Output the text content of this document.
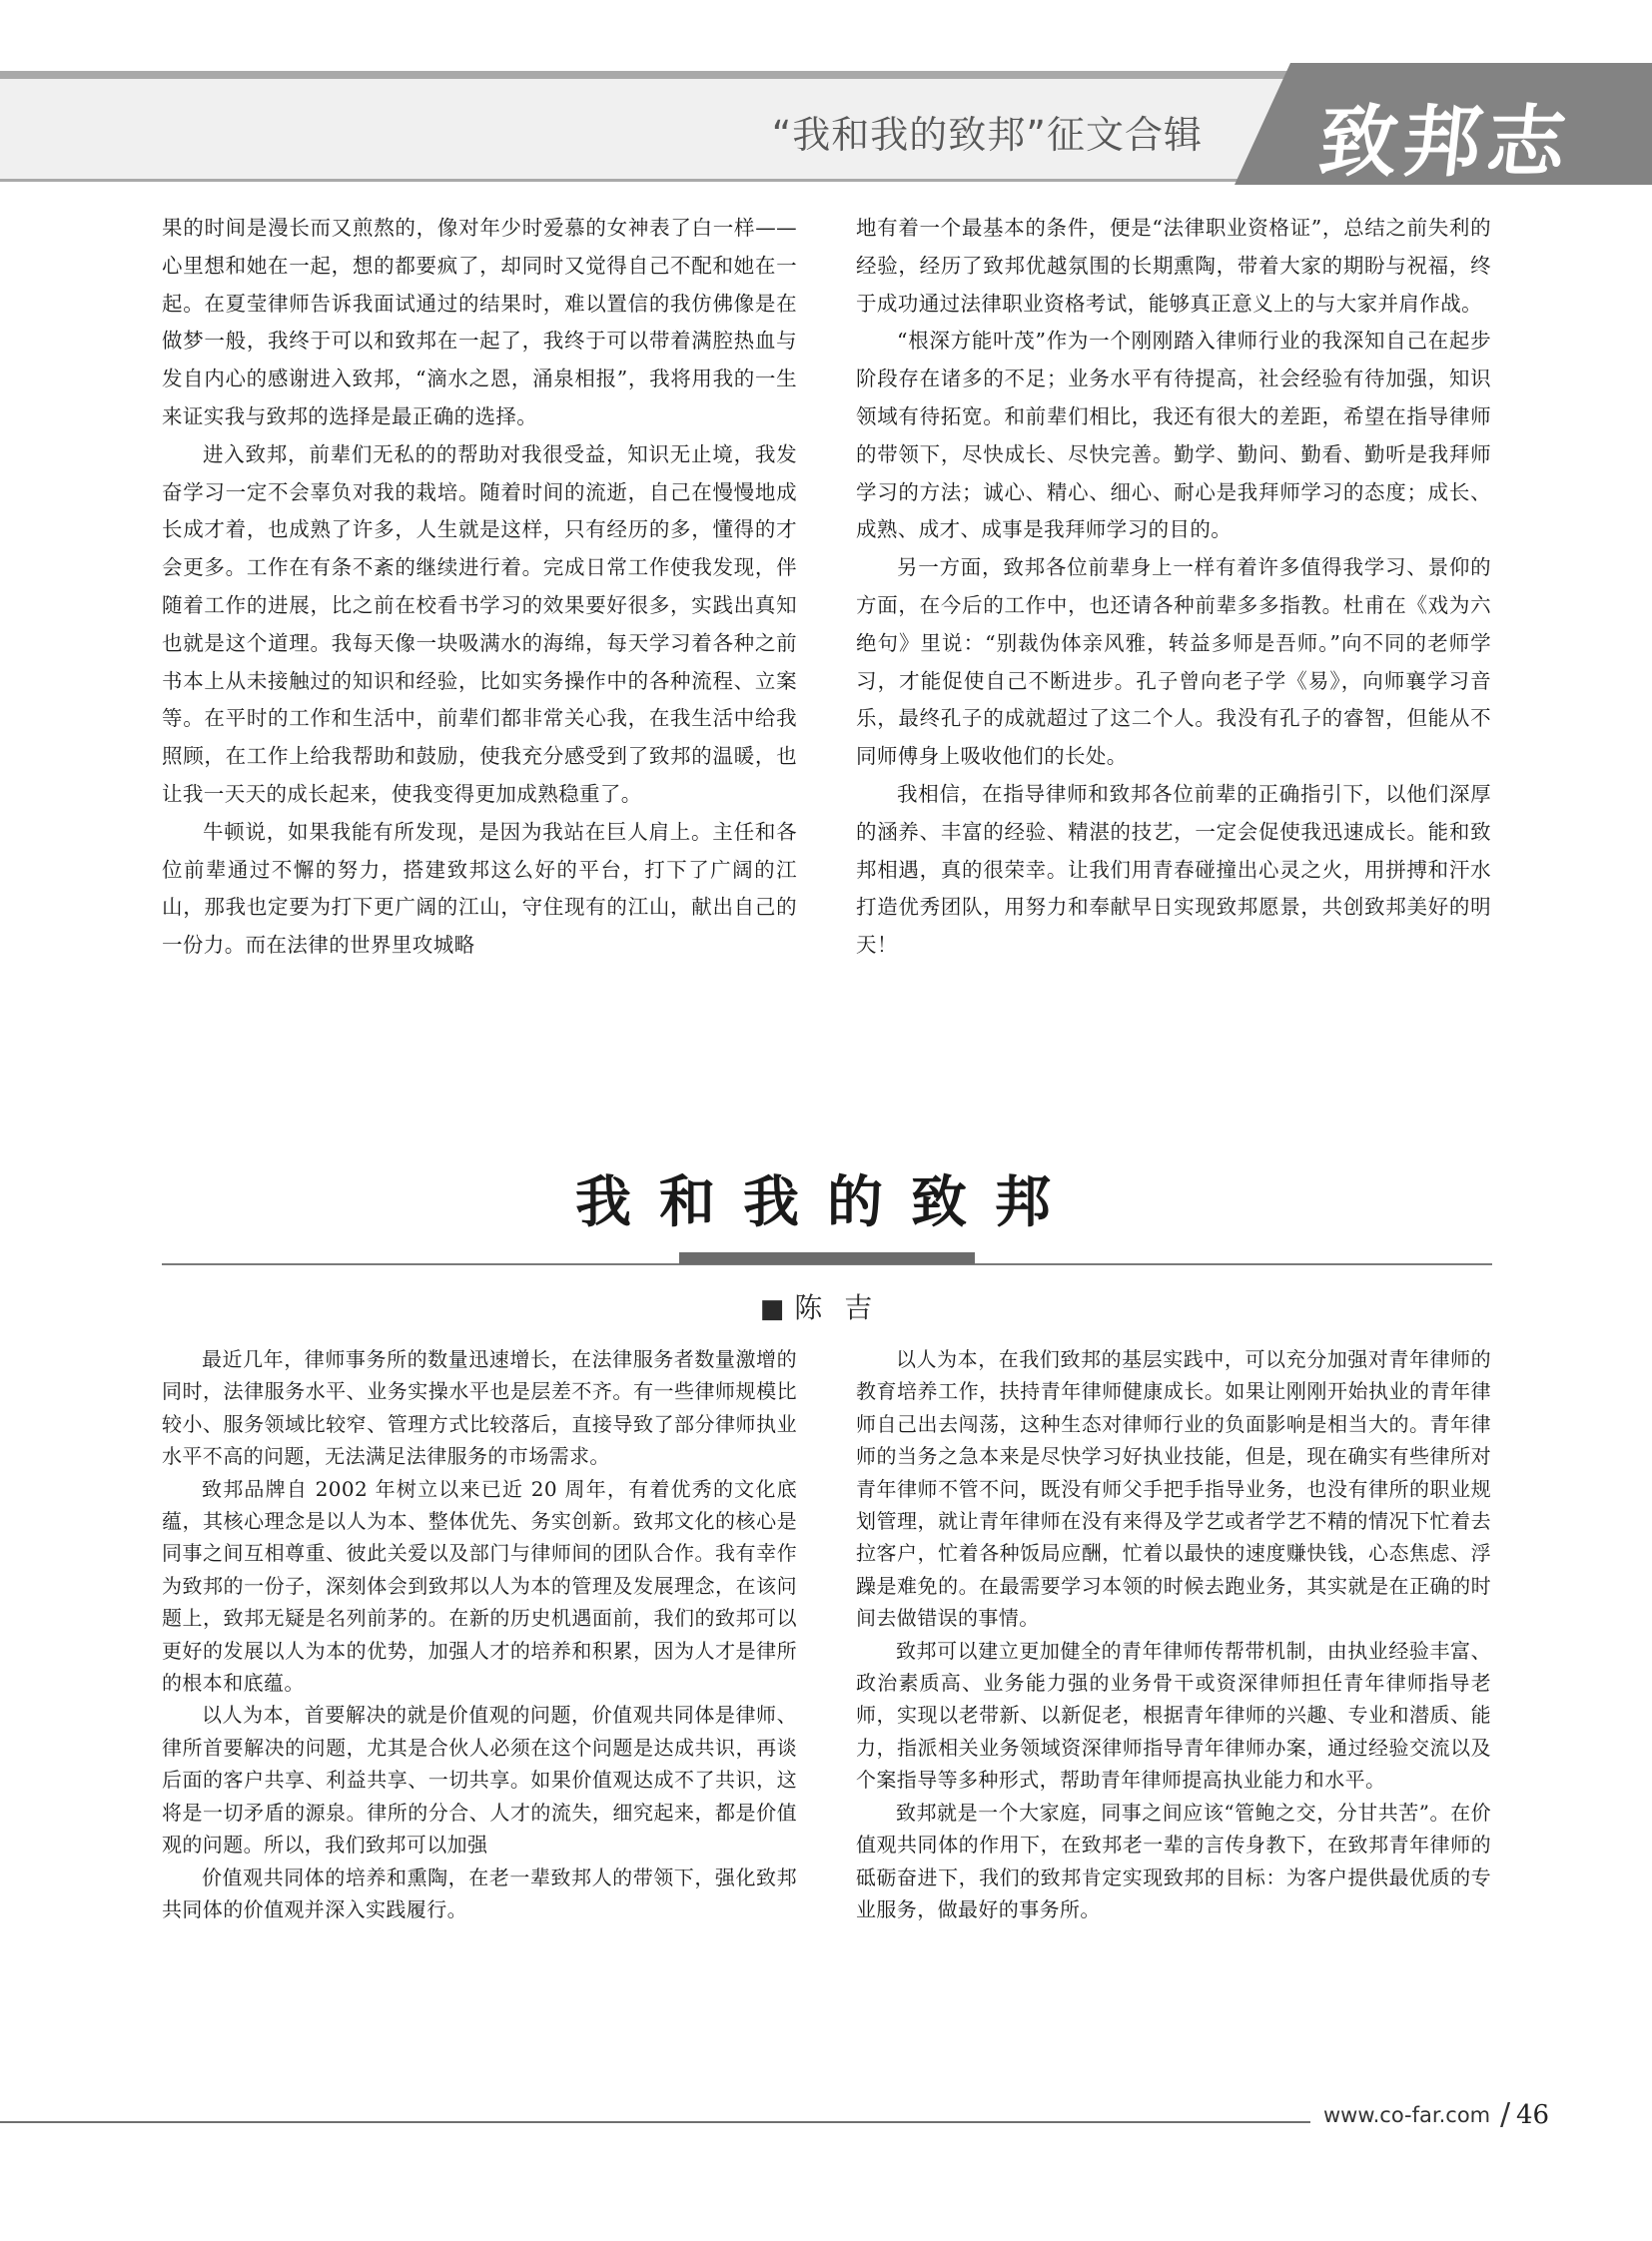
“我和我的致邦”征文合辑 致邦志

果的时间是漫长而又煎熬的，像对年少时爱慕的女神表了白一样——心里想和她在一起，想的都要疯了，却同时又觉得自己不配和她在一起。在夏莹律师告诉我面试通过的结果时，难以置信的我仿佛像是在做梦一般，我终于可以和致邦在一起了，我终于可以带着满腔热血与发自内心的感谢进入致邦，“滴水之恩，涌泉相报”，我将用我的一生来证实我与致邦的选择是最正确的选择。

进入致邦，前辈们无私的的帮助对我很受益，知识无止境，我发奋学习一定不会辜负对我的栽培。随着时间的流逝，自己在慢慢地成长成才着，也成熟了许多，人生就是这样，只有经历的多，懂得的才会更多。工作在有条不紊的继续进行着。完成日常工作使我发现，伴随着工作的进展，比之前在校看书学习的效果要好很多，实践出真知也就是这个道理。我每天像一块吸满水的海绵，每天学习着各种之前书本上从未接触过的知识和经验，比如实务操作中的各种流程、立案等。在平时的工作和生活中，前辈们都非常关心我，在我生活中给我照顾，在工作上给我帮助和鼓励，使我充分感受到了致邦的温暖，也让我一天天的成长起来，使我变得更加成熟稳重了。

牛顿说，如果我能有所发现，是因为我站在巨人肩上。主任和各位前辈通过不懈的努力，搭建致邦这么好的平台，打下了广阔的江山，那我也定要为打下更广阔的江山，守住现有的江山，献出自己的一份力。而在法律的世界里攻城略

地有着一个最基本的条件，便是“法律职业资格证”，总结之前失利的经验，经历了致邦优越氛围的长期熏陶，带着大家的期盼与祝福，终于成功通过法律职业资格考试，能够真正意义上的与大家并肩作战。

“根深方能叶茂”作为一个刚刚踏入律师行业的我深知自己在起步阶段存在诸多的不足；业务水平有待提高，社会经验有待加强，知识领域有待拓宽。和前辈们相比，我还有很大的差距，希望在指导律师的带领下，尽快成长、尽快完善。勤学、勤问、勤看、勤听是我拜师学习的方法；诚心、精心、细心、耐心是我拜师学习的态度；成长、成熟、成才、成事是我拜师学习的目的。

另一方面，致邦各位前辈身上一样有着许多值得我学习、景仰的方面，在今后的工作中，也还请各种前辈多多指教。杜甫在《戏为六绝句》里说：“别裁伪体亲风雅，转益多师是吾师。”向不同的老师学习，才能促使自己不断进步。孔子曾向老子学《易》，向师襄学习音乐，最终孔子的成就超过了这二个人。我没有孔子的睿智，但能从不同师傅身上吸收他们的长处。

我相信，在指导律师和致邦各位前辈的正确指引下，以他们深厚的涵养、丰富的经验、精湛的技艺，一定会促使我迅速成长。能和致邦相遇，真的很荣幸。让我们用青春碰撞出心灵之火，用拼搏和汗水打造优秀团队，用努力和奉献早日实现致邦愿景，共创致邦美好的明天！

我和我的致邦
■ 陈吉

最近几年，律师事务所的数量迅速增长，在法律服务者数量激增的同时，法律服务水平、业务实操水平也是层差不齐。有一些律师规模比较小、服务领域比较窄、管理方式比较落后，直接导致了部分律师执业水平不高的问题，无法满足法律服务的市场需求。

致邦品牌自 2002 年树立以来已近 20 周年，有着优秀的文化底蕴，其核心理念是以人为本、整体优先、务实创新。致邦文化的核心是同事之间互相尊重、彼此关爱以及部门与律师间的团队合作。我有幸作为致邦的一份子，深刻体会到致邦以人为本的管理及发展理念，在该问题上，致邦无疑是名列前茅的。在新的历史机遇面前，我们的致邦可以更好的发展以人为本的优势，加强人才的培养和积累，因为人才是律所的根本和底蕴。

以人为本，首要解决的就是价值观的问题，价值观共同体是律师、律所首要解决的问题，尤其是合伙人必须在这个问题是达成共识，再谈后面的客户共享、利益共享、一切共享。如果价值观达成不了共识，这将是一切矛盾的源泉。律所的分合、人才的流失，细究起来，都是价值观的问题。所以，我们致邦可以加强

价值观共同体的培养和熏陶，在老一辈致邦人的带领下，强化致邦共同体的价值观并深入实践履行。

以人为本，在我们致邦的基层实践中，可以充分加强对青年律师的教育培养工作，扶持青年律师健康成长。如果让刚刚开始执业的青年律师自己出去闯荡，这种生态对律师行业的负面影响是相当大的。青年律师的当务之急本来是尽快学习好执业技能，但是，现在确实有些律所对青年律师不管不问，既没有师父手把手指导业务，也没有律所的职业规划管理，就让青年律师在没有来得及学艺或者学艺不精的情况下忙着去拉客户，忙着各种饭局应酬，忙着以最快的速度赚快钱，心态焦虑、浮躁是难免的。在最需要学习本领的时候去跑业务，其实就是在正确的时间去做错误的事情。

致邦可以建立更加健全的青年律师传帮带机制，由执业经验丰富、政治素质高、业务能力强的业务骨干或资深律师担任青年律师指导老师，实现以老带新、以新促老，根据青年律师的兴趣、专业和潜质、能力，指派相关业务领域资深律师指导青年律师办案，通过经验交流以及个案指导等多种形式，帮助青年律师提高执业能力和水平。

致邦就是一个大家庭，同事之间应该“管鲍之交，分甘共苦”。在价值观共同体的作用下，在致邦老一辈的言传身教下，在致邦青年律师的砥砺奋进下，我们的致邦肯定实现致邦的目标：为客户提供最优质的专业服务，做最好的事务所。

www.co-far.com / 46
